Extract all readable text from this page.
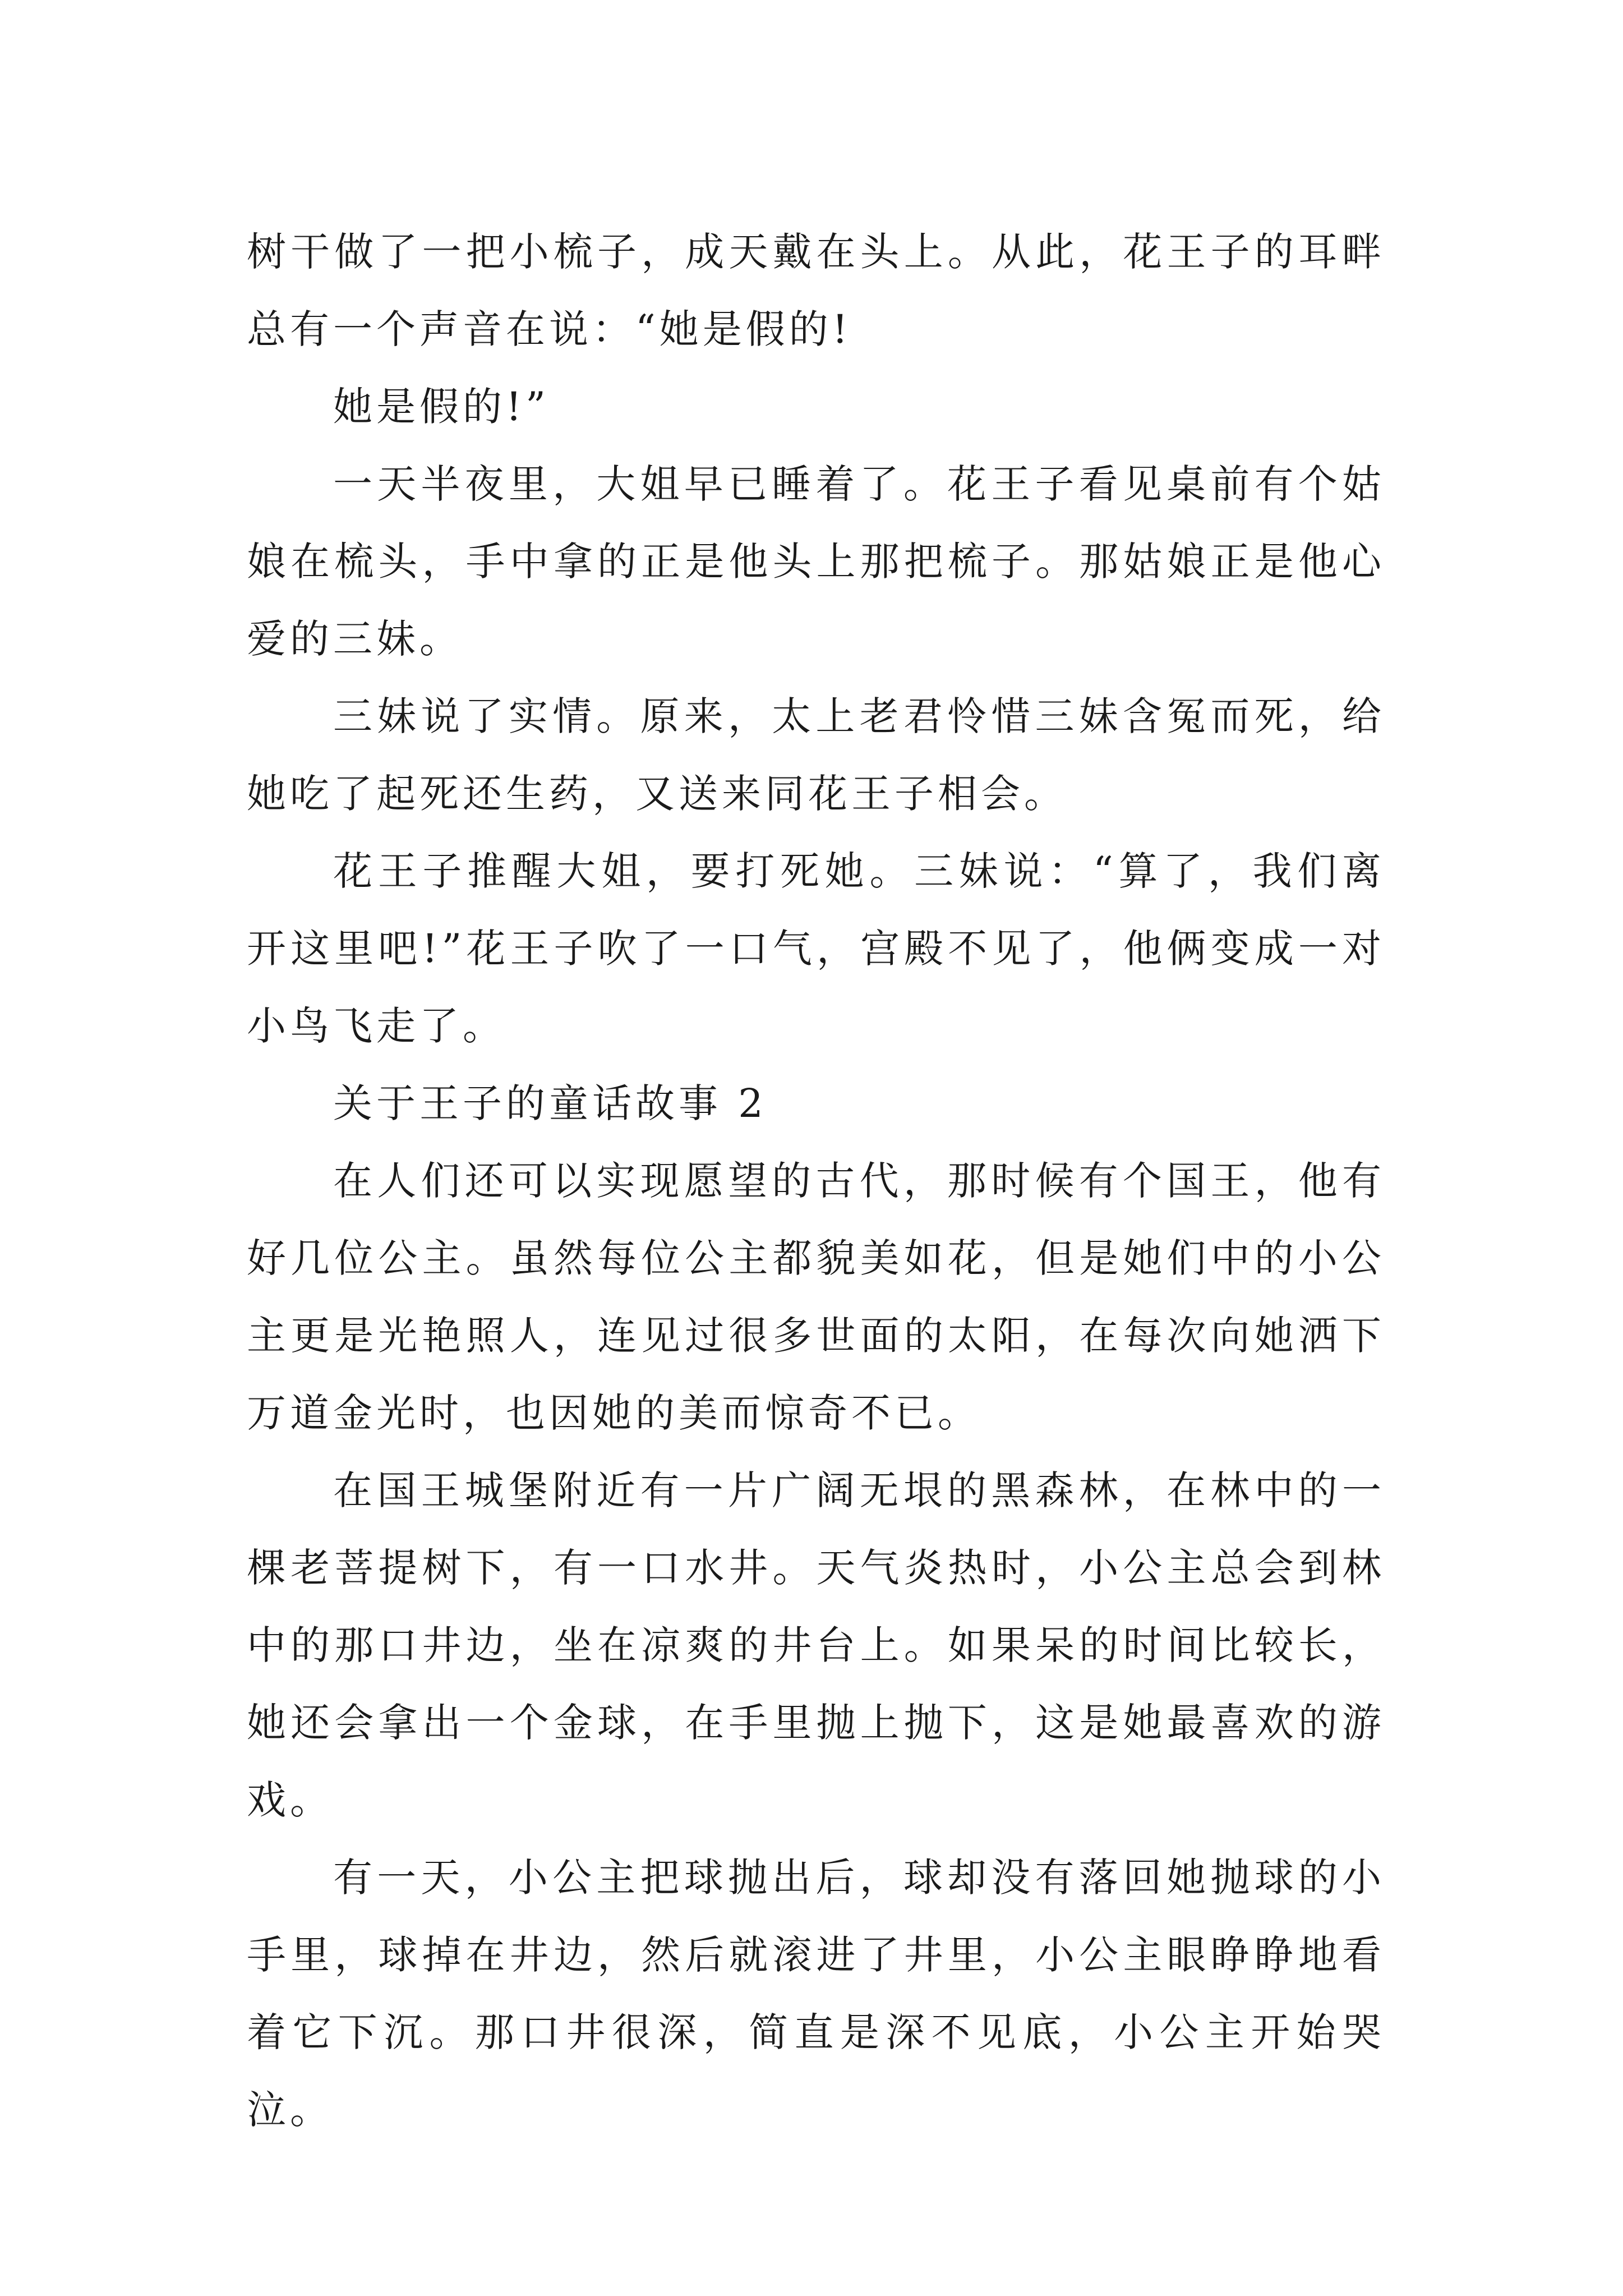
树干做了一把小梳子，成天戴在头上。从此，花王子的耳畔总有一个声音在说：“她是假的!

她是假的!”

一天半夜里，大姐早已睡着了。花王子看见桌前有个姑娘在梳头，手中拿的正是他头上那把梳子。那姑娘正是他心爱的三妹。

三妹说了实情。原来，太上老君怜惜三妹含冤而死，给她吃了起死还生药，又送来同花王子相会。

花王子推醒大姐，要打死她。三妹说：“算了，我们离开这里吧!”花王子吹了一口气，宫殿不见了，他俩变成一对小鸟飞走了。

关于王子的童话故事 2

在人们还可以实现愿望的古代，那时候有个国王，他有好几位公主。虽然每位公主都貌美如花，但是她们中的小公主更是光艳照人，连见过很多世面的太阳，在每次向她洒下万道金光时，也因她的美而惊奇不已。

在国王城堡附近有一片广阔无垠的黑森林，在林中的一棵老菩提树下，有一口水井。天气炎热时，小公主总会到林中的那口井边，坐在凉爽的井台上。如果呆的时间比较长，她还会拿出一个金球，在手里抛上抛下，这是她最喜欢的游戏。

有一天，小公主把球抛出后，球却没有落回她抛球的小手里，球掉在井边，然后就滚进了井里，小公主眼睁睁地看着它下沉。那口井很深，简直是深不见底，小公主开始哭泣。
